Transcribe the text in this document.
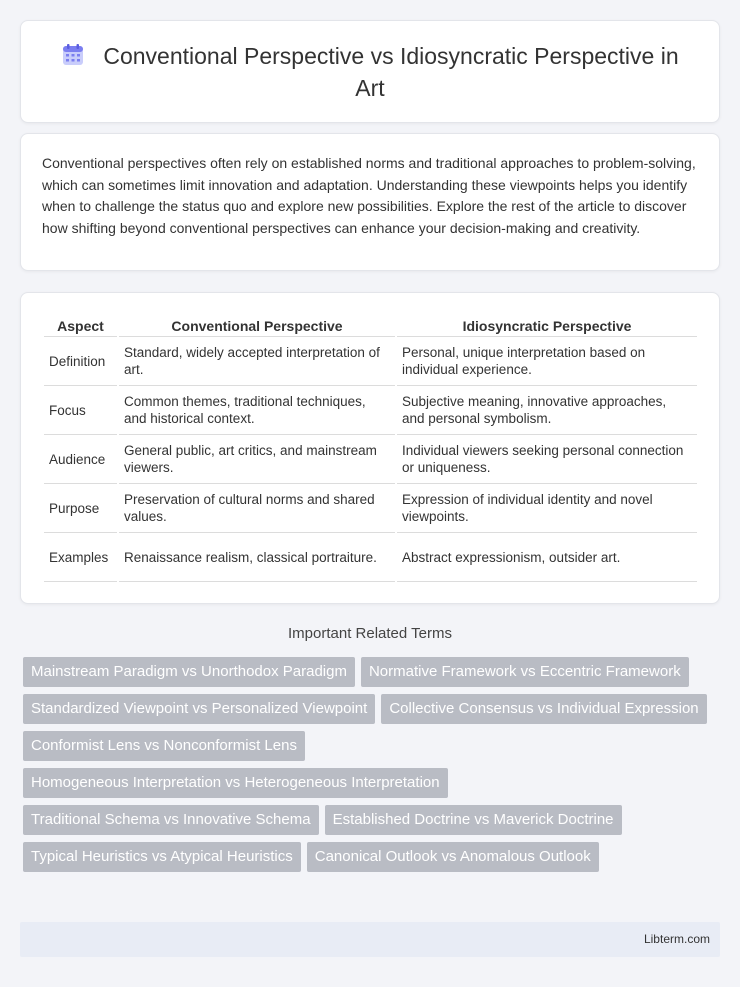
Conventional Perspective vs Idiosyncratic Perspective in Art

Conventional perspectives often rely on established norms and traditional approaches to problem-solving, which can sometimes limit innovation and adaptation. Understanding these viewpoints helps you identify when to challenge the status quo and explore new possibilities. Explore the rest of the article to discover how shifting beyond conventional perspectives can enhance your decision-making and creativity.

Aspect	Conventional Perspective	Idiosyncratic Perspective
Definition	Standard, widely accepted interpretation of art.	Personal, unique interpretation based on individual experience.
Focus	Common themes, traditional techniques, and historical context.	Subjective meaning, innovative approaches, and personal symbolism.
Audience	General public, art critics, and mainstream viewers.	Individual viewers seeking personal connection or uniqueness.
Purpose	Preservation of cultural norms and shared values.	Expression of individual identity and novel viewpoints.
Examples	Renaissance realism, classical portraiture.	Abstract expressionism, outsider art.
Important Related Terms
Mainstream Paradigm vs Unorthodox Paradigm	Normative Framework vs Eccentric Framework
Standardized Viewpoint vs Personalized Viewpoint	Collective Consensus vs Individual Expression
Conformist Lens vs Nonconformist Lens
Homogeneous Interpretation vs Heterogeneous Interpretation
Traditional Schema vs Innovative Schema	Established Doctrine vs Maverick Doctrine
Typical Heuristics vs Atypical Heuristics	Canonical Outlook vs Anomalous Outlook
Libterm.com
